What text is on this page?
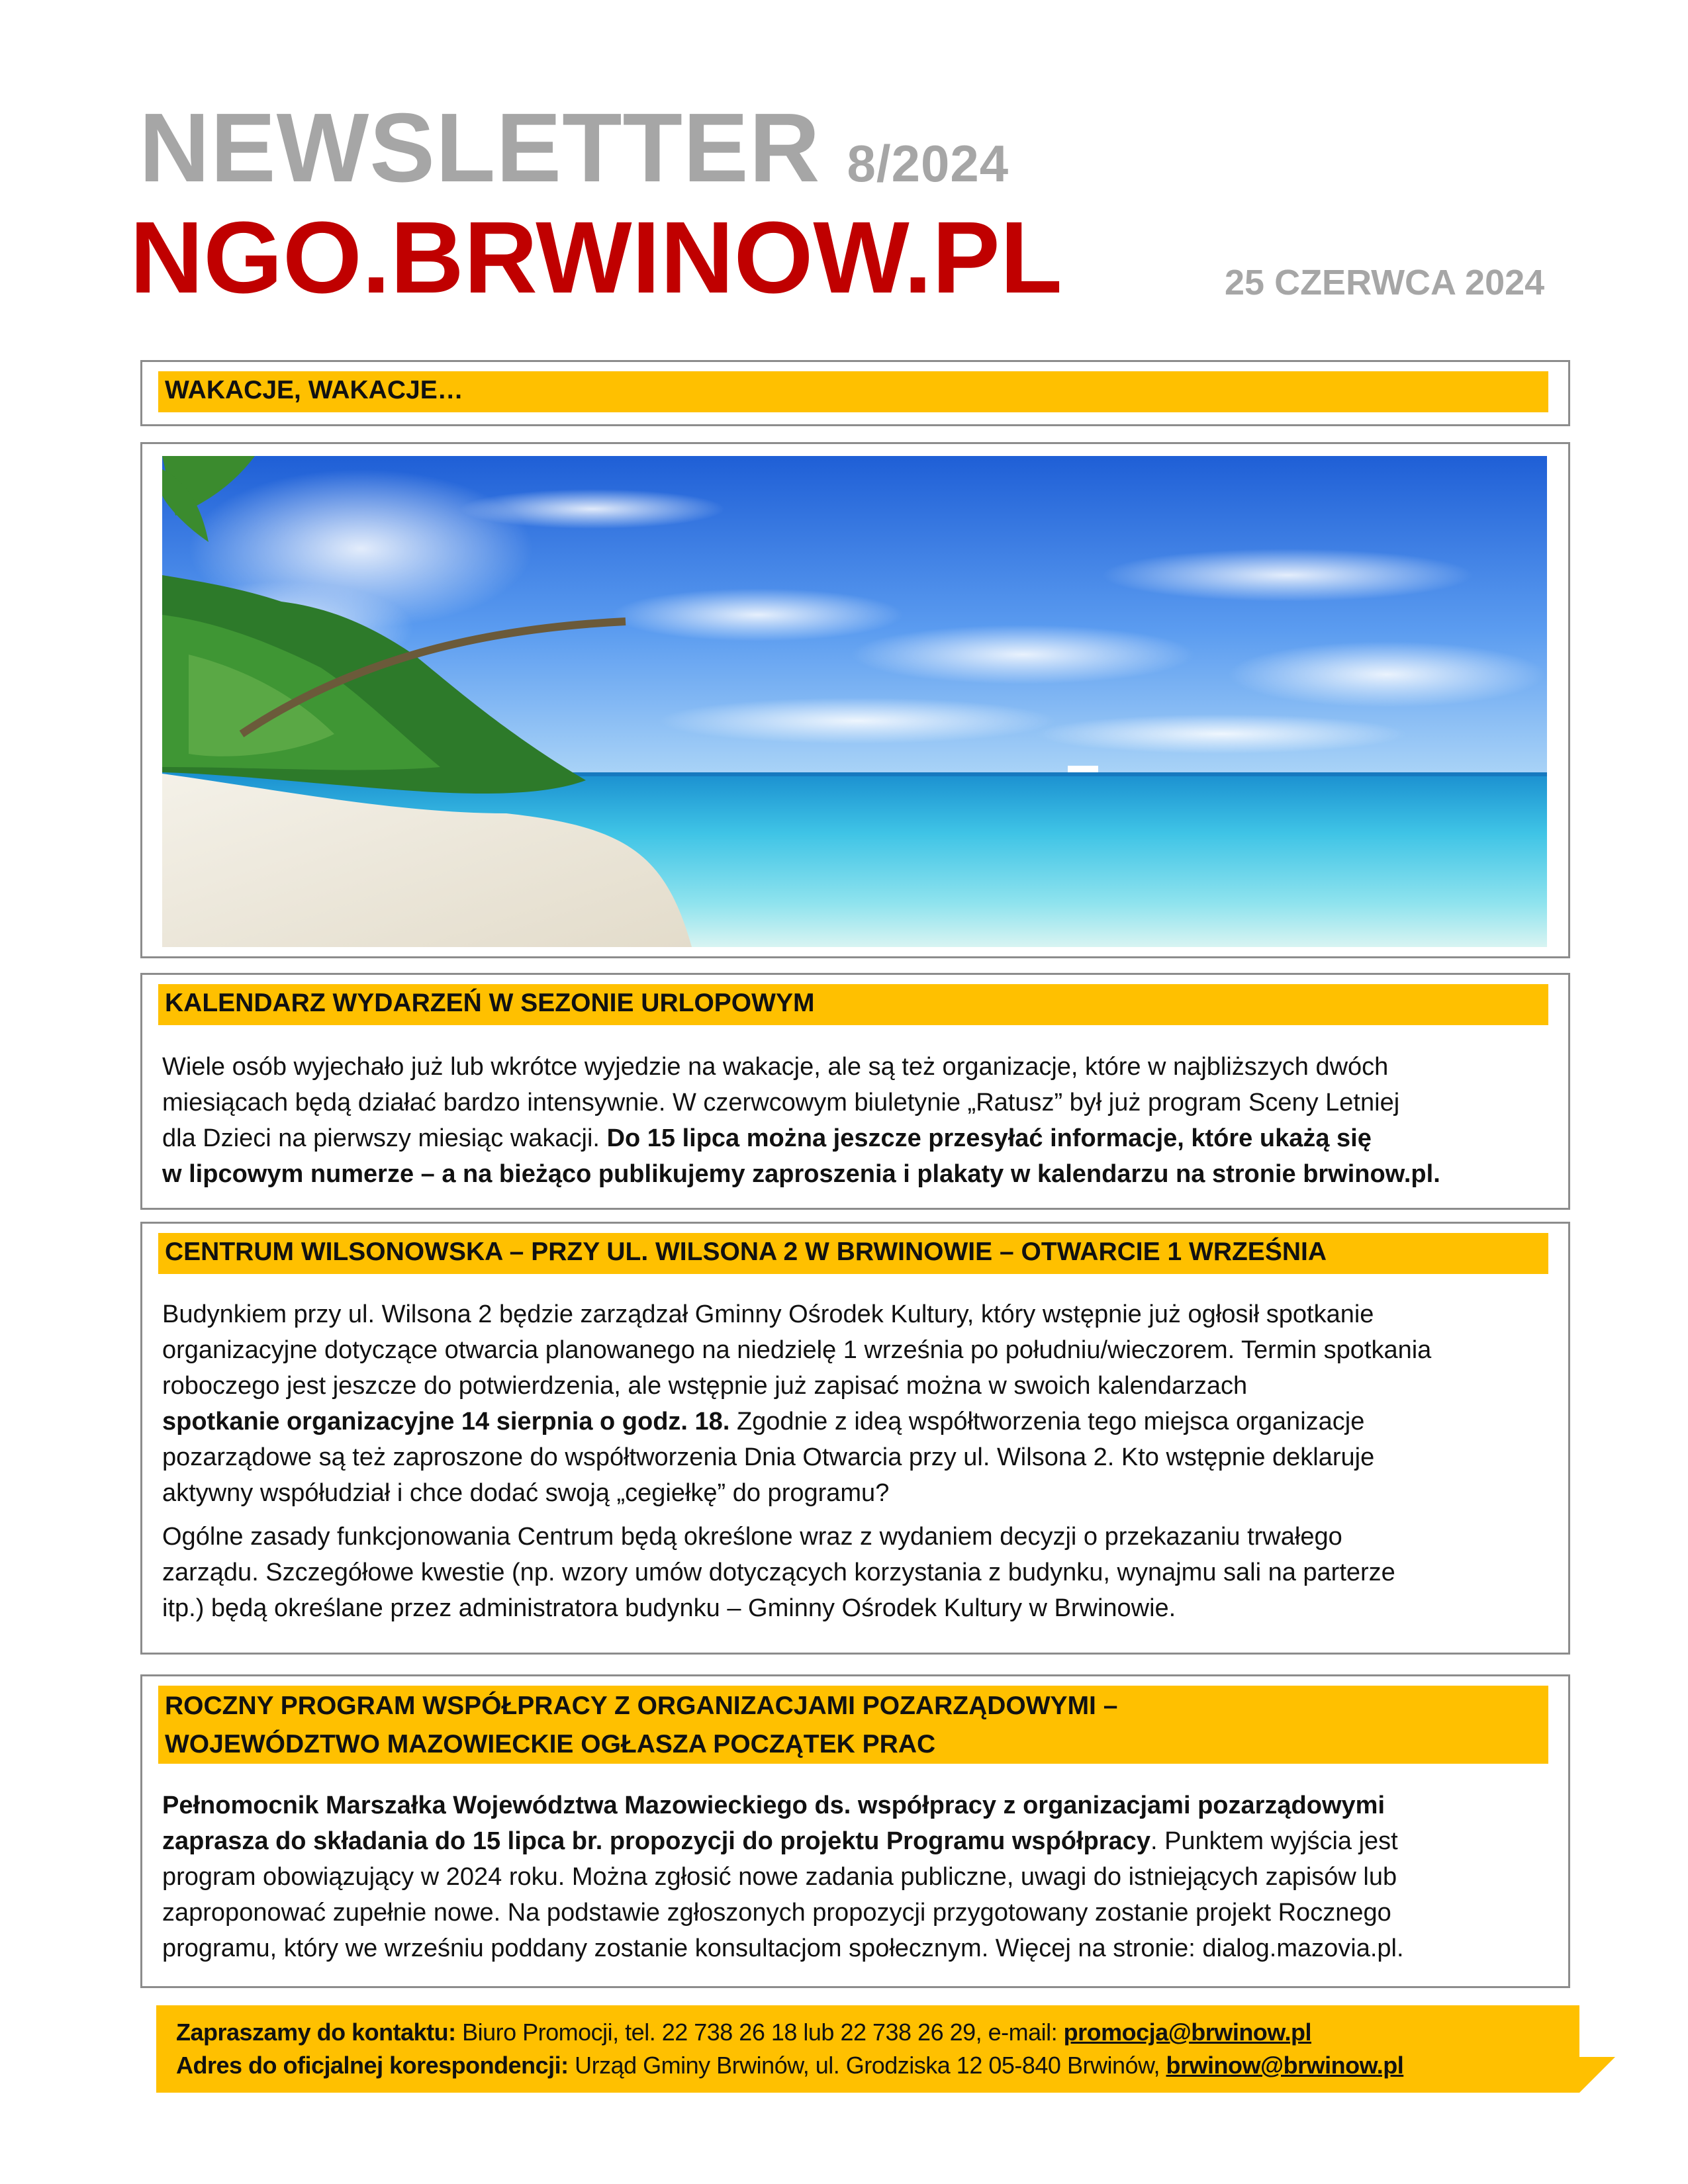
NEWSLETTER 8/2024
NGO.BRWINOW.PL	25 CZERWCA 2024
WAKACJE, WAKACJE…
KALENDARZ WYDARZEŃ W SEZONIE URLOPOWYM

Wiele osób wyjechało już lub wkrótce wyjedzie na wakacje, ale są też organizacje, które w najbliższych dwóch

miesiącach będą działać bardzo intensywnie. W czerwcowym biuletynie „Ratusz” był już program Sceny Letniej

dla Dzieci na pierwszy miesiąc wakacji. Do 15 lipca można jeszcze przesyłać informacje, które ukażą się

w lipcowym numerze – a na bieżąco publikujemy zaproszenia i plakaty w kalendarzu na stronie brwinow.pl.

CENTRUM WILSONOWSKA – PRZY UL. WILSONA 2 W BRWINOWIE – OTWARCIE 1 WRZEŚNIA

Budynkiem przy ul. Wilsona 2 będzie zarządzał Gminny Ośrodek Kultury, który wstępnie już ogłosił spotkanie

organizacyjne dotyczące otwarcia planowanego na niedzielę 1 września po południu/wieczorem. Termin spotkania

roboczego jest jeszcze do potwierdzenia, ale wstępnie już zapisać można w swoich kalendarzach

spotkanie organizacyjne 14 sierpnia o godz. 18. Zgodnie z ideą współtworzenia tego miejsca organizacje

pozarządowe są też zaproszone do współtworzenia Dnia Otwarcia przy ul. Wilsona 2. Kto wstępnie deklaruje

aktywny współudział i chce dodać swoją „cegiełkę” do programu?

Ogólne zasady funkcjonowania Centrum będą określone wraz z wydaniem decyzji o przekazaniu trwałego

zarządu. Szczegółowe kwestie (np. wzory umów dotyczących korzystania z budynku, wynajmu sali na parterze

itp.) będą określane przez administratora budynku – Gminny Ośrodek Kultury w Brwinowie.

ROCZNY PROGRAM WSPÓŁPRACY Z ORGANIZACJAMI POZARZĄDOWYMI –
WOJEWÓDZTWO MAZOWIECKIE OGŁASZA POCZĄTEK PRAC

Pełnomocnik Marszałka Województwa Mazowieckiego ds. współpracy z organizacjami pozarządowymi

zaprasza do składania do 15 lipca br. propozycji do projektu Programu współpracy. Punktem wyjścia jest

program obowiązujący w 2024 roku. Można zgłosić nowe zadania publiczne, uwagi do istniejących zapisów lub

zaproponować zupełnie nowe. Na podstawie zgłoszonych propozycji przygotowany zostanie projekt Rocznego

programu, który we wrześniu poddany zostanie konsultacjom społecznym. Więcej na stronie: dialog.mazovia.pl.

Zapraszamy do kontaktu: Biuro Promocji, tel. 22 738 26 18 lub 22 738 26 29, e-mail: promocja@brwinow.pl
Adres do oficjalnej korespondencji: Urząd Gminy Brwinów, ul. Grodziska 12 05-840 Brwinów, brwinow@brwinow.pl
